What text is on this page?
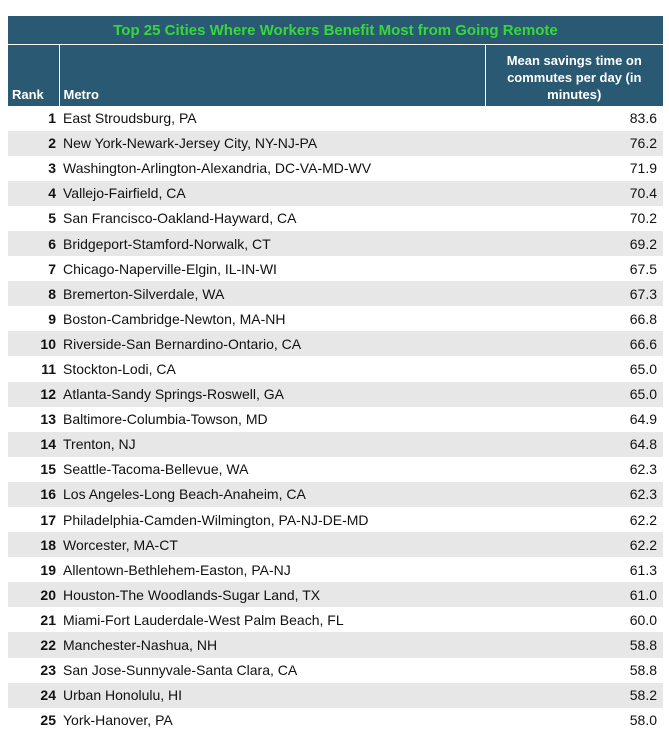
Top 25 Cities Where Workers Benefit Most from Going Remote		
Rank	Metro	Mean savings time on commutes per day (in minutes)
1	East Stroudsburg, PA	83.6
2	New York-Newark-Jersey City, NY-NJ-PA	76.2
3	Washington-Arlington-Alexandria, DC-VA-MD-WV	71.9
4	Vallejo-Fairfield, CA	70.4
5	San Francisco-Oakland-Hayward, CA	70.2
6	Bridgeport-Stamford-Norwalk, CT	69.2
7	Chicago-Naperville-Elgin, IL-IN-WI	67.5
8	Bremerton-Silverdale, WA	67.3
9	Boston-Cambridge-Newton, MA-NH	66.8
10	Riverside-San Bernardino-Ontario, CA	66.6
11	Stockton-Lodi, CA	65.0
12	Atlanta-Sandy Springs-Roswell, GA	65.0
13	Baltimore-Columbia-Towson, MD	64.9
14	Trenton, NJ	64.8
15	Seattle-Tacoma-Bellevue, WA	62.3
16	Los Angeles-Long Beach-Anaheim, CA	62.3
17	Philadelphia-Camden-Wilmington, PA-NJ-DE-MD	62.2
18	Worcester, MA-CT	62.2
19	Allentown-Bethlehem-Easton, PA-NJ	61.3
20	Houston-The Woodlands-Sugar Land, TX	61.0
21	Miami-Fort Lauderdale-West Palm Beach, FL	60.0
22	Manchester-Nashua, NH	58.8
23	San Jose-Sunnyvale-Santa Clara, CA	58.8
24	Urban Honolulu, HI	58.2
25	York-Hanover, PA	58.0
